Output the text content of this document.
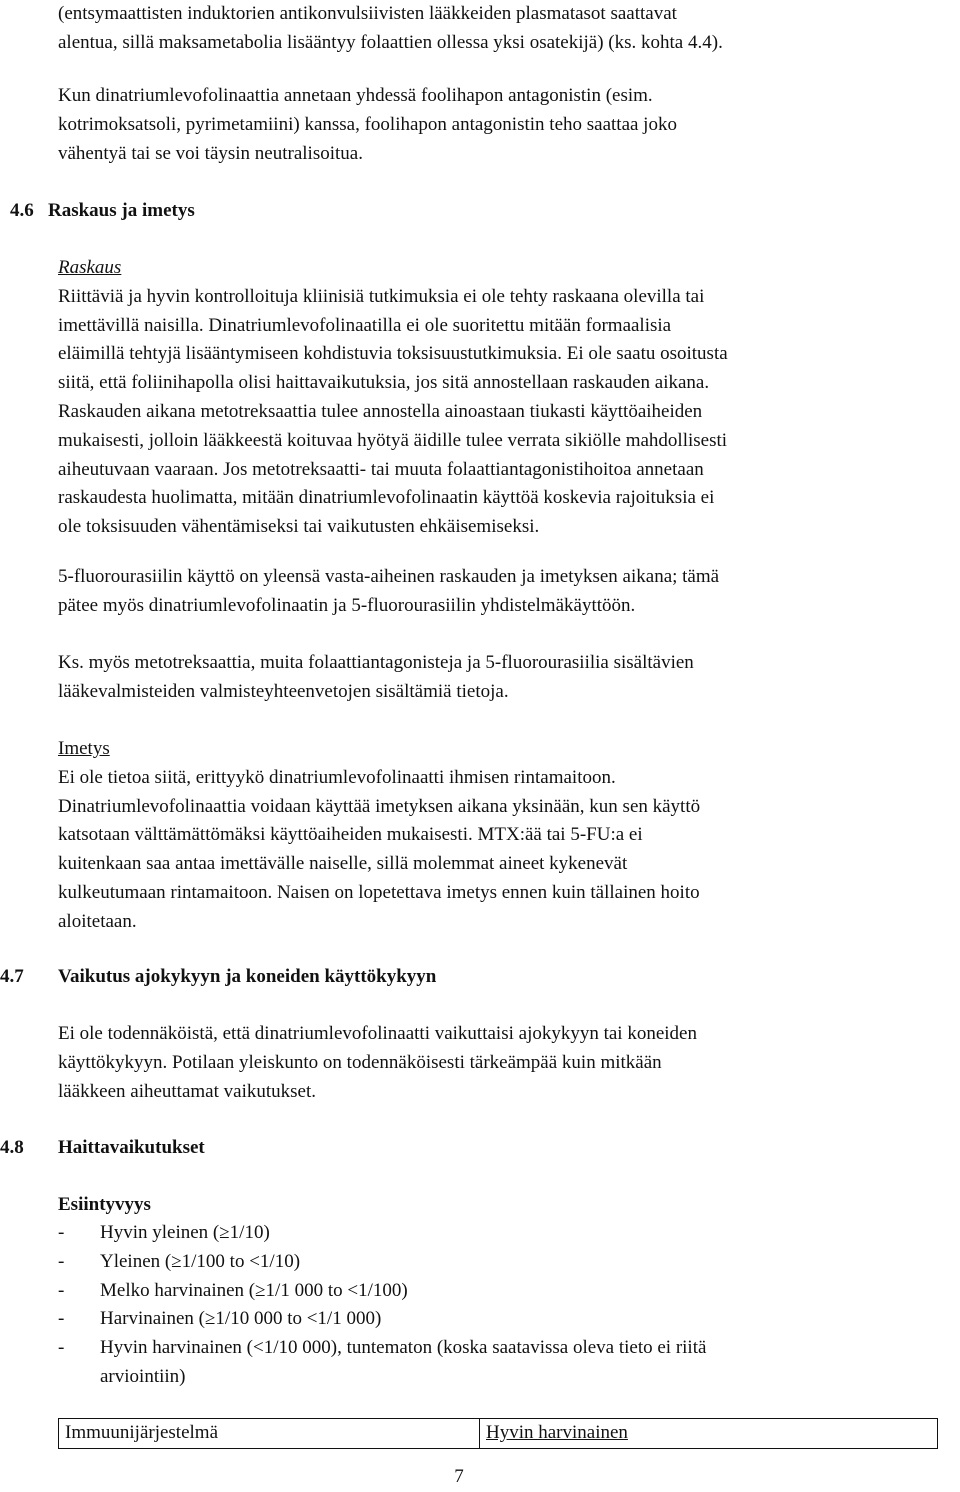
(entsymaattisten induktorien antikonvulsiivisten lääkkeiden plasmatasot saattavat

alentua, sillä maksametabolia lisääntyy folaattien ollessa yksi osatekijä) (ks. kohta 4.4).

Kun dinatriumlevofolinaattia annetaan yhdessä foolihapon antagonistin (esim.

kotrimoksatsoli, pyrimetamiini) kanssa, foolihapon antagonistin teho saattaa joko

vähentyä tai se voi täysin neutralisoitua.

4.6 Raskaus ja imetys

Raskaus

Riittäviä ja hyvin kontrolloituja kliinisiä tutkimuksia ei ole tehty raskaana olevilla tai

imettävillä naisilla. Dinatriumlevofolinaatilla ei ole suoritettu mitään formaalisia

eläimillä tehtyjä lisääntymiseen kohdistuvia toksisuustutkimuksia. Ei ole saatu osoitusta

siitä, että foliinihapolla olisi haittavaikutuksia, jos sitä annostellaan raskauden aikana.

Raskauden aikana metotreksaattia tulee annostella ainoastaan tiukasti käyttöaiheiden

mukaisesti, jolloin lääkkeestä koituvaa hyötyä äidille tulee verrata sikiölle mahdollisesti

aiheutuvaan vaaraan. Jos metotreksaatti- tai muuta folaattiantagonistihoitoa annetaan

raskaudesta huolimatta, mitään dinatriumlevofolinaatin käyttöä koskevia rajoituksia ei

ole toksisuuden vähentämiseksi tai vaikutusten ehkäisemiseksi.

5-fluorourasiilin käyttö on yleensä vasta-aiheinen raskauden ja imetyksen aikana; tämä

pätee myös dinatriumlevofolinaatin ja 5-fluorourasiilin yhdistelmäkäyttöön.

Ks. myös metotreksaattia, muita folaattiantagonisteja ja 5-fluorourasiilia sisältävien

lääkevalmisteiden valmisteyhteenvetojen sisältämiä tietoja.

Imetys

Ei ole tietoa siitä, erittyykö dinatriumlevofolinaatti ihmisen rintamaitoon.

Dinatriumlevofolinaattia voidaan käyttää imetyksen aikana yksinään, kun sen käyttö

katsotaan välttämättömäksi käyttöaiheiden mukaisesti. MTX:ää tai 5-FU:a ei

kuitenkaan saa antaa imettävälle naiselle, sillä molemmat aineet kykenevät

kulkeutumaan rintamaitoon. Naisen on lopetettava imetys ennen kuin tällainen hoito

aloitetaan.

4.7 Vaikutus ajokykyyn ja koneiden käyttökykyyn

Ei ole todennäköistä, että dinatriumlevofolinaatti vaikuttaisi ajokykyyn tai koneiden

käyttökykyyn. Potilaan yleiskunto on todennäköisesti tärkeämpää kuin mitkään

lääkkeen aiheuttamat vaikutukset.

4.8 Haittavaikutukset

Esiintyvyys

- Hyvin yleinen (≥1/10)
- Yleinen (≥1/100 to <1/10)
- Melko harvinainen (≥1/1 000 to <1/100)
- Harvinainen (≥1/10 000 to <1/1 000)
- Hyvin harvinainen (<1/10 000), tuntematon (koska saatavissa oleva tieto ei riitä
arviointiin)
Immuunijärjestelmä	Hyvin harvinainen
7
